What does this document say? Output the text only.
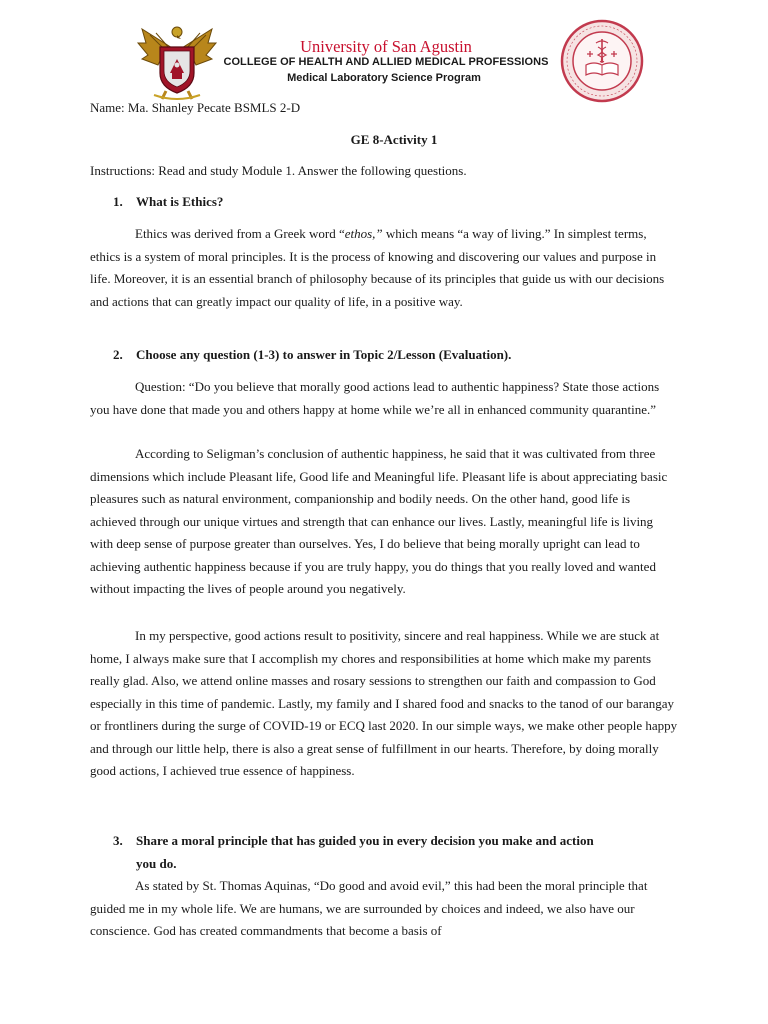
University of San Agustin
COLLEGE OF HEALTH AND ALLIED MEDICAL PROFESSIONS
Medical Laboratory Science Program
Name: Ma. Shanley Pecate BSMLS 2-D
GE 8-Activity 1
Instructions: Read and study Module 1. Answer the following questions.
1. What is Ethics?

Ethics was derived from a Greek word “ethos,” which means “a way of living.” In simplest terms, ethics is a system of moral principles. It is the process of knowing and discovering our values and purpose in life. Moreover, it is an essential branch of philosophy because of its principles that guide us with our decisions and actions that can greatly impact our quality of life, in a positive way.

2. Choose any question (1-3) to answer in Topic 2/Lesson (Evaluation).

Question: “Do you believe that morally good actions lead to authentic happiness? State those actions you have done that made you and others happy at home while we’re all in enhanced community quarantine.”

According to Seligman’s conclusion of authentic happiness, he said that it was cultivated from three dimensions which include Pleasant life, Good life and Meaningful life. Pleasant life is about appreciating basic pleasures such as natural environment, companionship and bodily needs. On the other hand, good life is achieved through our unique virtues and strength that can enhance our lives. Lastly, meaningful life is living with deep sense of purpose greater than ourselves. Yes, I do believe that being morally upright can lead to achieving authentic happiness because if you are truly happy, you do things that you really loved and wanted without impacting the lives of people around you negatively.

In my perspective, good actions result to positivity, sincere and real happiness. While we are stuck at home, I always make sure that I accomplish my chores and responsibilities at home which make my parents really glad. Also, we attend online masses and rosary sessions to strengthen our faith and compassion to God especially in this time of pandemic. Lastly, my family and I shared food and snacks to the tanod of our barangay or frontliners during the surge of COVID-19 or ECQ last 2020. In our simple ways, we make other people happy and through our little help, there is also a great sense of fulfillment in our hearts. Therefore, by doing morally good actions, I achieved true essence of happiness.

3. Share a moral principle that has guided you in every decision you make and action
you do.

As stated by St. Thomas Aquinas, “Do good and avoid evil,” this had been the moral principle that guided me in my whole life. We are humans, we are surrounded by choices and indeed, we also have our conscience. God has created commandments that become a basis of
